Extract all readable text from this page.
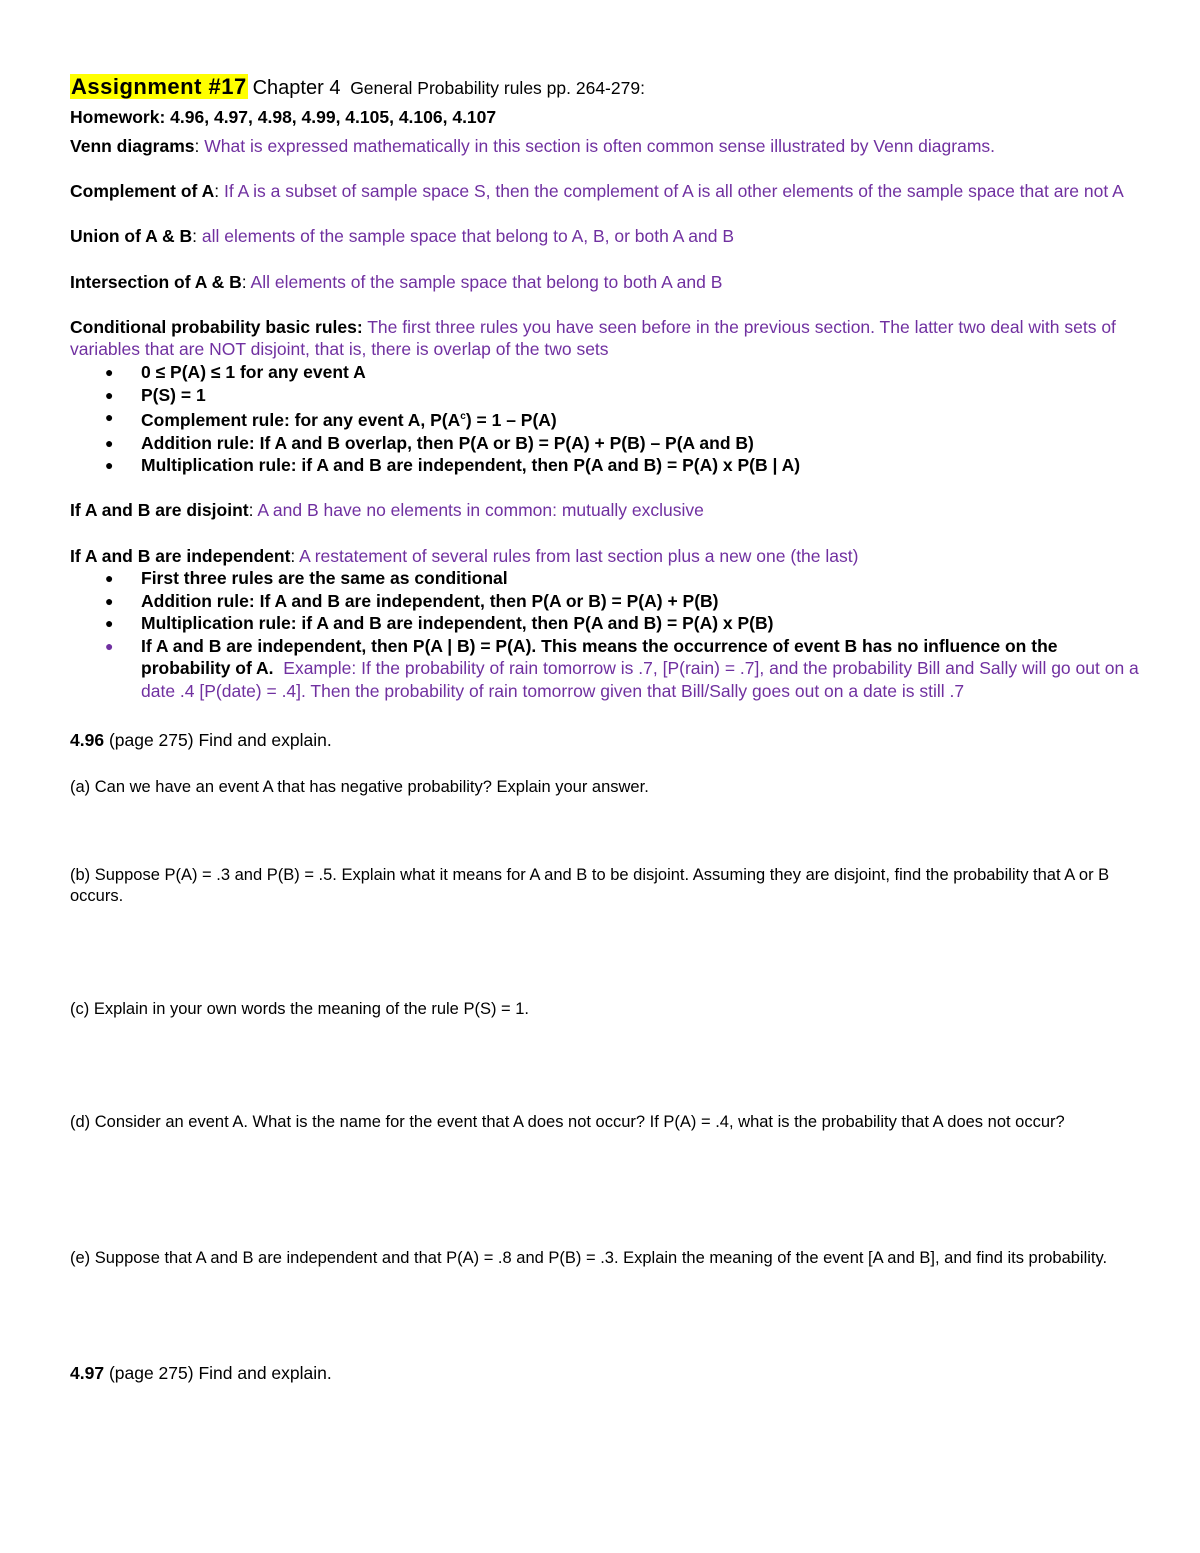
Assignment #17 Chapter 4 General Probability rules pp. 264-279:

Homework: 4.96, 4.97, 4.98, 4.99, 4.105, 4.106, 4.107

Venn diagrams: What is expressed mathematically in this section is often common sense illustrated by Venn diagrams.

Complement of A: If A is a subset of sample space S, then the complement of A is all other elements of the sample space that are not A

Union of A & B: all elements of the sample space that belong to A, B, or both A and B

Intersection of A & B: All elements of the sample space that belong to both A and B

Conditional probability basic rules: The first three rules you have seen before in the previous section. The latter two deal with sets of variables that are NOT disjoint, that is, there is overlap of the two sets

● 0 ≤ P(A) ≤ 1 for any event A
● P(S) = 1
● Complement rule: for any event A, $P(A^c) = 1 - P(A)$
● Addition rule: If A and B overlap, then P(A or B) = P(A) + P(B) – P(A and B)
● Multiplication rule: if A and B are independent, then P(A and B) = P(A) x P(B | A)

If A and B are disjoint: A and B have no elements in common: mutually exclusive

If A and B are independent: A restatement of several rules from last section plus a new one (the last)

● First three rules are the same as conditional
● Addition rule: If A and B are independent, then P(A or B) = P(A) + P(B)
● Multiplication rule: if A and B are independent, then P(A and B) = P(A) x P(B)
● If A and B are independent, then P(A | B) = P(A). This means the occurrence of event B has no influence on the probability of A. Example: If the probability of rain tomorrow is .7, [P(rain) = .7], and the probability Bill and Sally will go out on a date .4 [P(date) = .4]. Then the probability of rain tomorrow given that Bill/Sally goes out on a date is still .7

4.96 (page 275) Find and explain.

(a) Can we have an event A that has negative probability? Explain your answer.

(b) Suppose P(A) = .3 and P(B) = .5. Explain what it means for A and B to be disjoint. Assuming they are disjoint, find the probability that A or B occurs.

(c) Explain in your own words the meaning of the rule P(S) = 1.

(d) Consider an event A. What is the name for the event that A does not occur? If P(A) = .4, what is the probability that A does not occur?

(e) Suppose that A and B are independent and that P(A) = .8 and P(B) = .3. Explain the meaning of the event [A and B], and find its probability.

4.97 (page 275) Find and explain.
